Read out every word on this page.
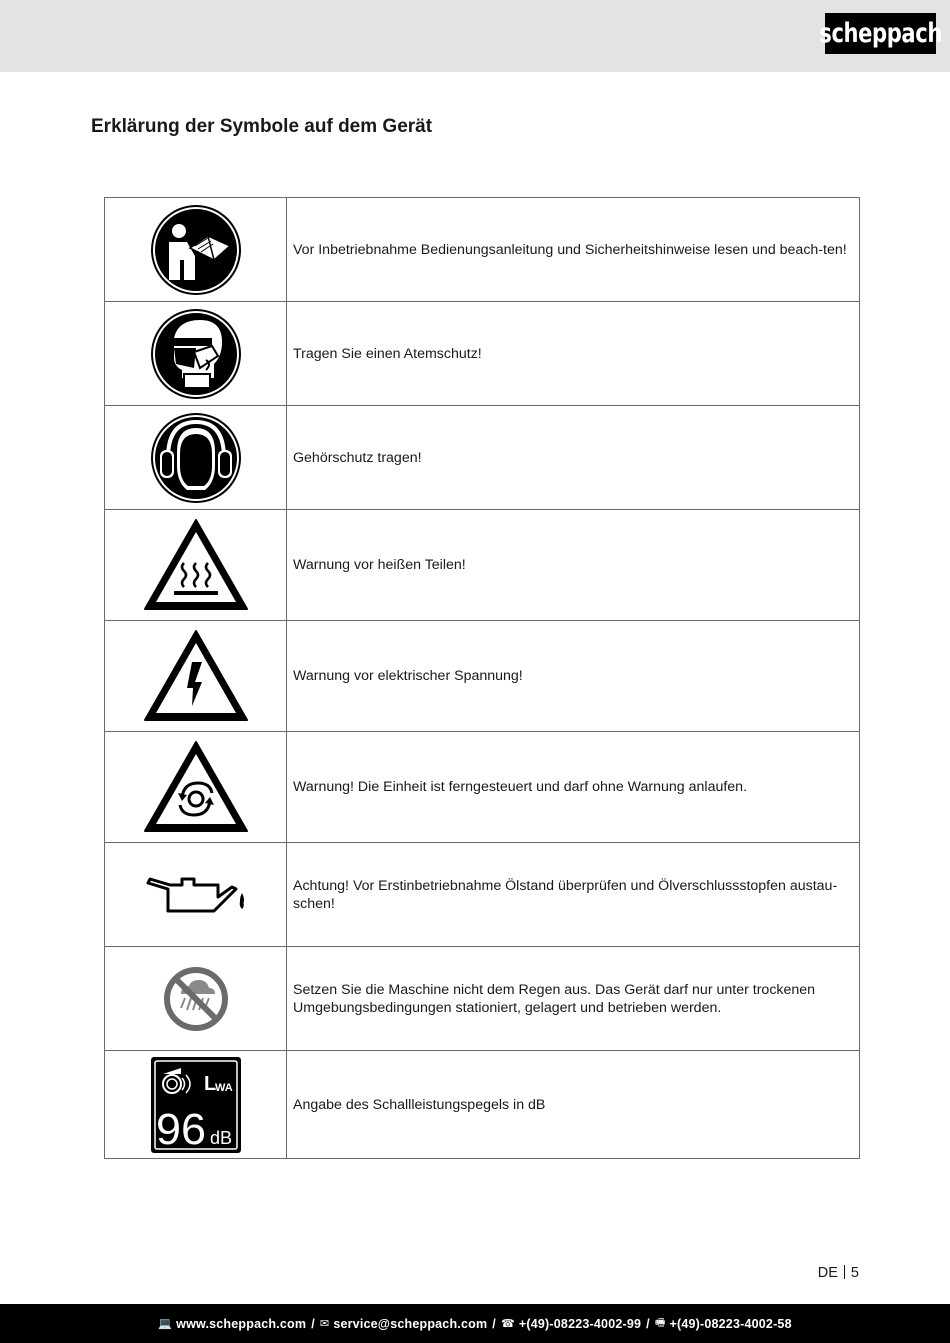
scheppach
Erklärung der Symbole auf dem Gerät
	Vor Inbetriebnahme Bedienungsanleitung und Sicherheitshinweise lesen und beach-ten!

	Tragen Sie einen Atemschutz!

	Gehörschutz tragen!

	Warnung vor heißen Teilen!

	Warnung vor elektrischer Spannung!

	Warnung! Die Einheit ist ferngesteuert und darf ohne Warnung anlaufen.

	Achtung! Vor Erstinbetriebnahme Ölstand überprüfen und Ölverschlussstopfen austau-schen!

	Setzen Sie die Maschine nicht dem Regen aus. Das Gerät darf nur unter trockenen Umgebungsbedingungen stationiert, gelagert und betrieben werden.

L
WA
96 dB	Angabe des Schallleistungspegels in dB
DE 5
💻 www.scheppach.com / ✉ service@scheppach.com / ☎ +(49)-08223-4002-99 / 🖷 +(49)-08223-4002-58
